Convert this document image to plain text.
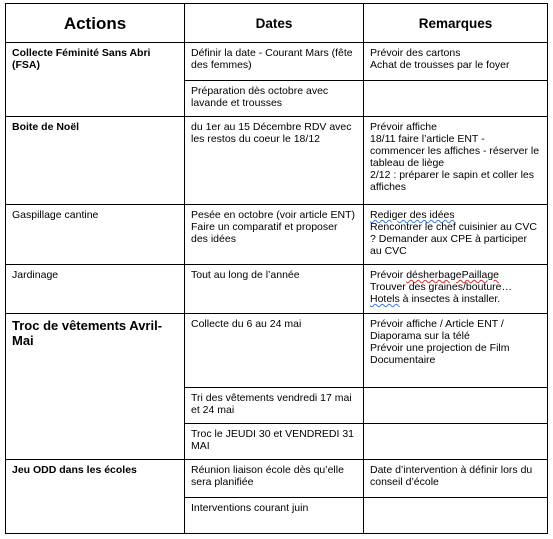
Actions	Dates	Remarques
Collecte Féminité Sans Abri (FSA)	Définir la date - Courant Mars (fête des femmes)	Prévoir des cartons
Achat de trousses par le foyer

	Préparation dès octobre avec lavande et trousses	
Boite de Noël	du 1er au 15 Décembre RDV avec les restos du coeur le 18/12	Prévoir affiche
18/11 faire l’article ENT - commencer les affiches - réserver le tableau de liège
2/12 : préparer le sapin et coller les affiches

Gaspillage cantine	Pesée en octobre (voir article ENT) Faire un comparatif et proposer des idées	Rediger des idées
Rencontrer le chef cuisinier au CVC ? Demander aux CPE à participer au CVC

Jardinage	Tout au long de l’année	Prévoir désherbagePaillage
Trouver des graines/bouture…
Hotels à insectes à installer.

Troc de vêtements Avril-Mai	Collecte du 6 au 24 mai	Prévoir affiche / Article ENT / Diaporama sur la télé
Prévoir une projection de Film Documentaire

	Tri des vêtements vendredi 17 mai et 24 mai	
	Troc le JEUDI 30 et VENDREDI 31 MAI	
Jeu ODD dans les écoles	Réunion liaison école dès qu’elle sera planifiée	Date d’intervention à définir lors du conseil d’école
	Interventions courant juin	
